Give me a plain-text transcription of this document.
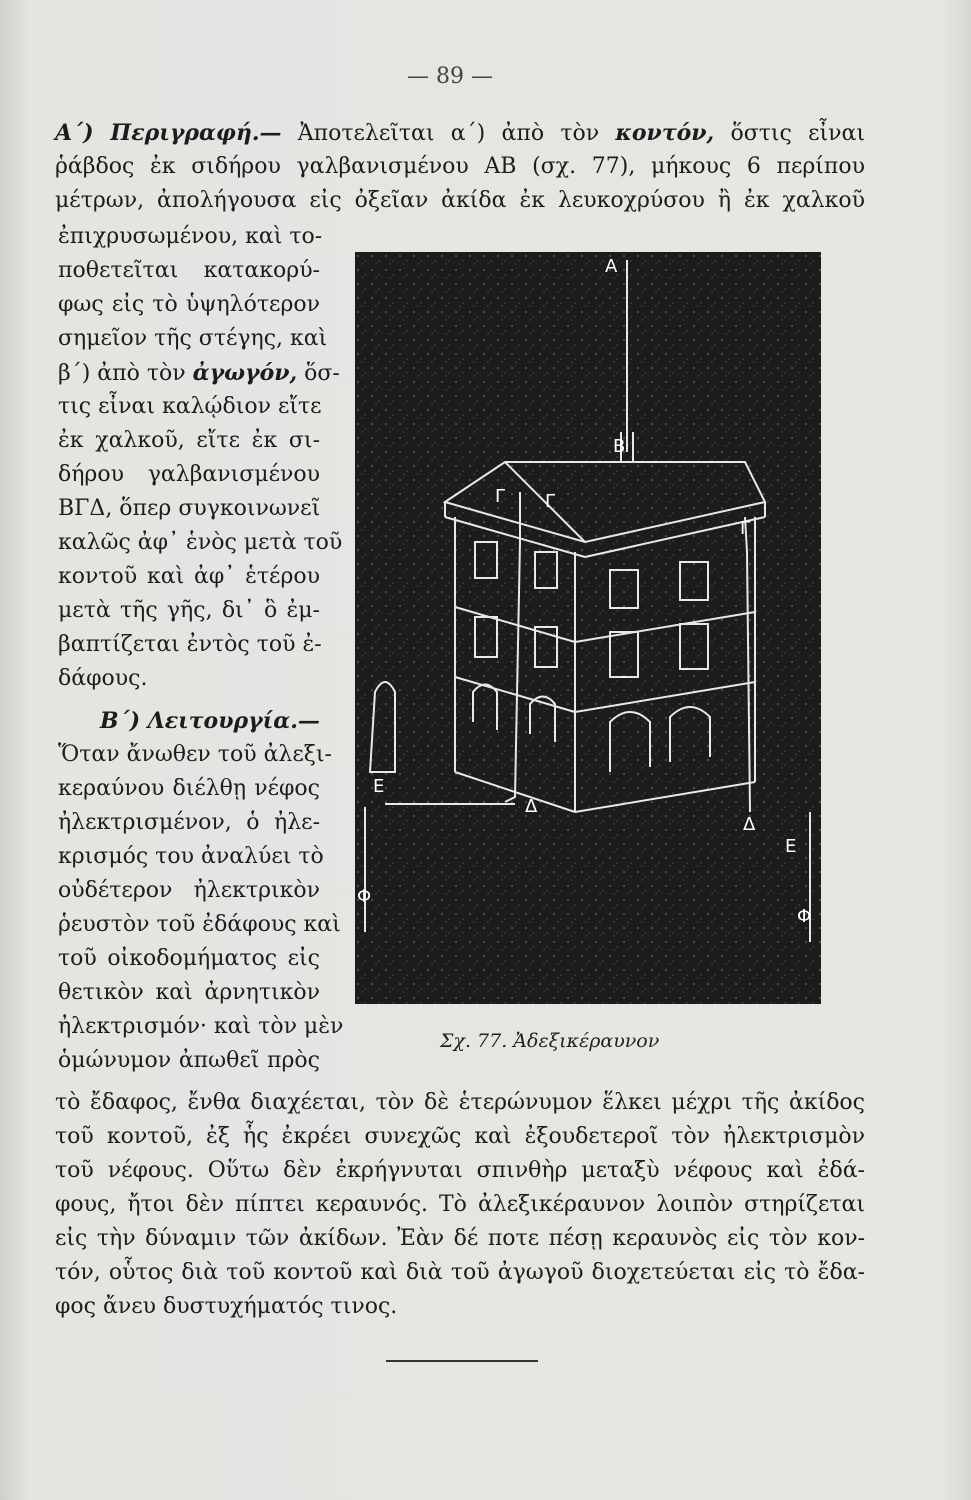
— 89 —
Α΄) Περιγραφή.— Ἀποτελεῖται α΄) ἀπὸ τὸν κοντόν, ὅστις εἶναι
ῥάβδος ἐκ σιδήρου γαλβανισμένου ΑΒ (σχ. 77), μήκους 6 περίπου
μέτρων, ἀπολήγουσα εἰς ὀξεῖαν ἀκίδα ἐκ λευκοχρύσου ἢ ἐκ χαλκοῦ
ἐπιχρυσωμένου, καὶ το-
ποθετεῖται κατακορύ-
φως εἰς τὸ ὑψηλότερον
σημεῖον τῆς στέγης, καὶ
β΄) ἀπὸ τὸν ἀγωγόν, ὅσ-
τις εἶναι καλῴδιον εἴτε
ἐκ χαλκοῦ, εἴτε ἐκ σι-
δήρου γαλβανισμένου
ΒΓΔ, ὅπερ συγκοινωνεῖ
καλῶς ἀφ᾽ ἑνὸς μετὰ τοῦ
κοντοῦ καὶ ἀφ᾽ ἑτέρου
μετὰ τῆς γῆς, δι᾽ ὃ ἐμ-
βαπτίζεται ἐντὸς τοῦ ἐ-
δάφους.
Β΄) Λειτουργία.—
Ὅταν ἄνωθεν τοῦ ἀλεξι-
κεραύνου διέλθῃ νέφος
ἠλεκτρισμένον, ὁ ἠλε-
κρισμός του ἀναλύει τὸ
οὐδέτερον ἠλεκτρικὸν
ῥευστὸν τοῦ ἐδάφους καὶ
τοῦ οἰκοδομήματος εἰς
θετικὸν καὶ ἀρνητικὸν
ἠλεκτρισμόν· καὶ τὸν μὲν
ὁμώνυμον ἀπωθεῖ πρὸς
τὸ ἔδαφος, ἔνθα διαχέεται, τὸν δὲ ἑτερώνυμον ἕλκει μέχρι τῆς ἀκίδος
τοῦ κοντοῦ, ἐξ ἧς ἐκρέει συνεχῶς καὶ ἐξουδετεροῖ τὸν ἠλεκτρισμὸν
τοῦ νέφους. Οὕτω δὲν ἐκρήγνυται σπινθὴρ μεταξὺ νέφους καὶ ἐδά-
φους, ἤτοι δὲν πίπτει κεραυνός. Τὸ ἀλεξικέραυνον λοιπὸν στηρίζεται
εἰς τὴν δύναμιν τῶν ἀκίδων. Ἐὰν δέ ποτε πέσῃ κεραυνὸς εἰς τὸν κον-
τόν, οὗτος διὰ τοῦ κοντοῦ καὶ διὰ τοῦ ἀγωγοῦ διοχετεύεται εἰς τὸ ἔδα-
φος ἄνευ δυστυχήματός τινος.
Α
Β
Γ Γ
Γ
Δ
Δ
Ε
Ε
Φ
Φ
Σχ. 77. Ἀδεξικέραυνον
